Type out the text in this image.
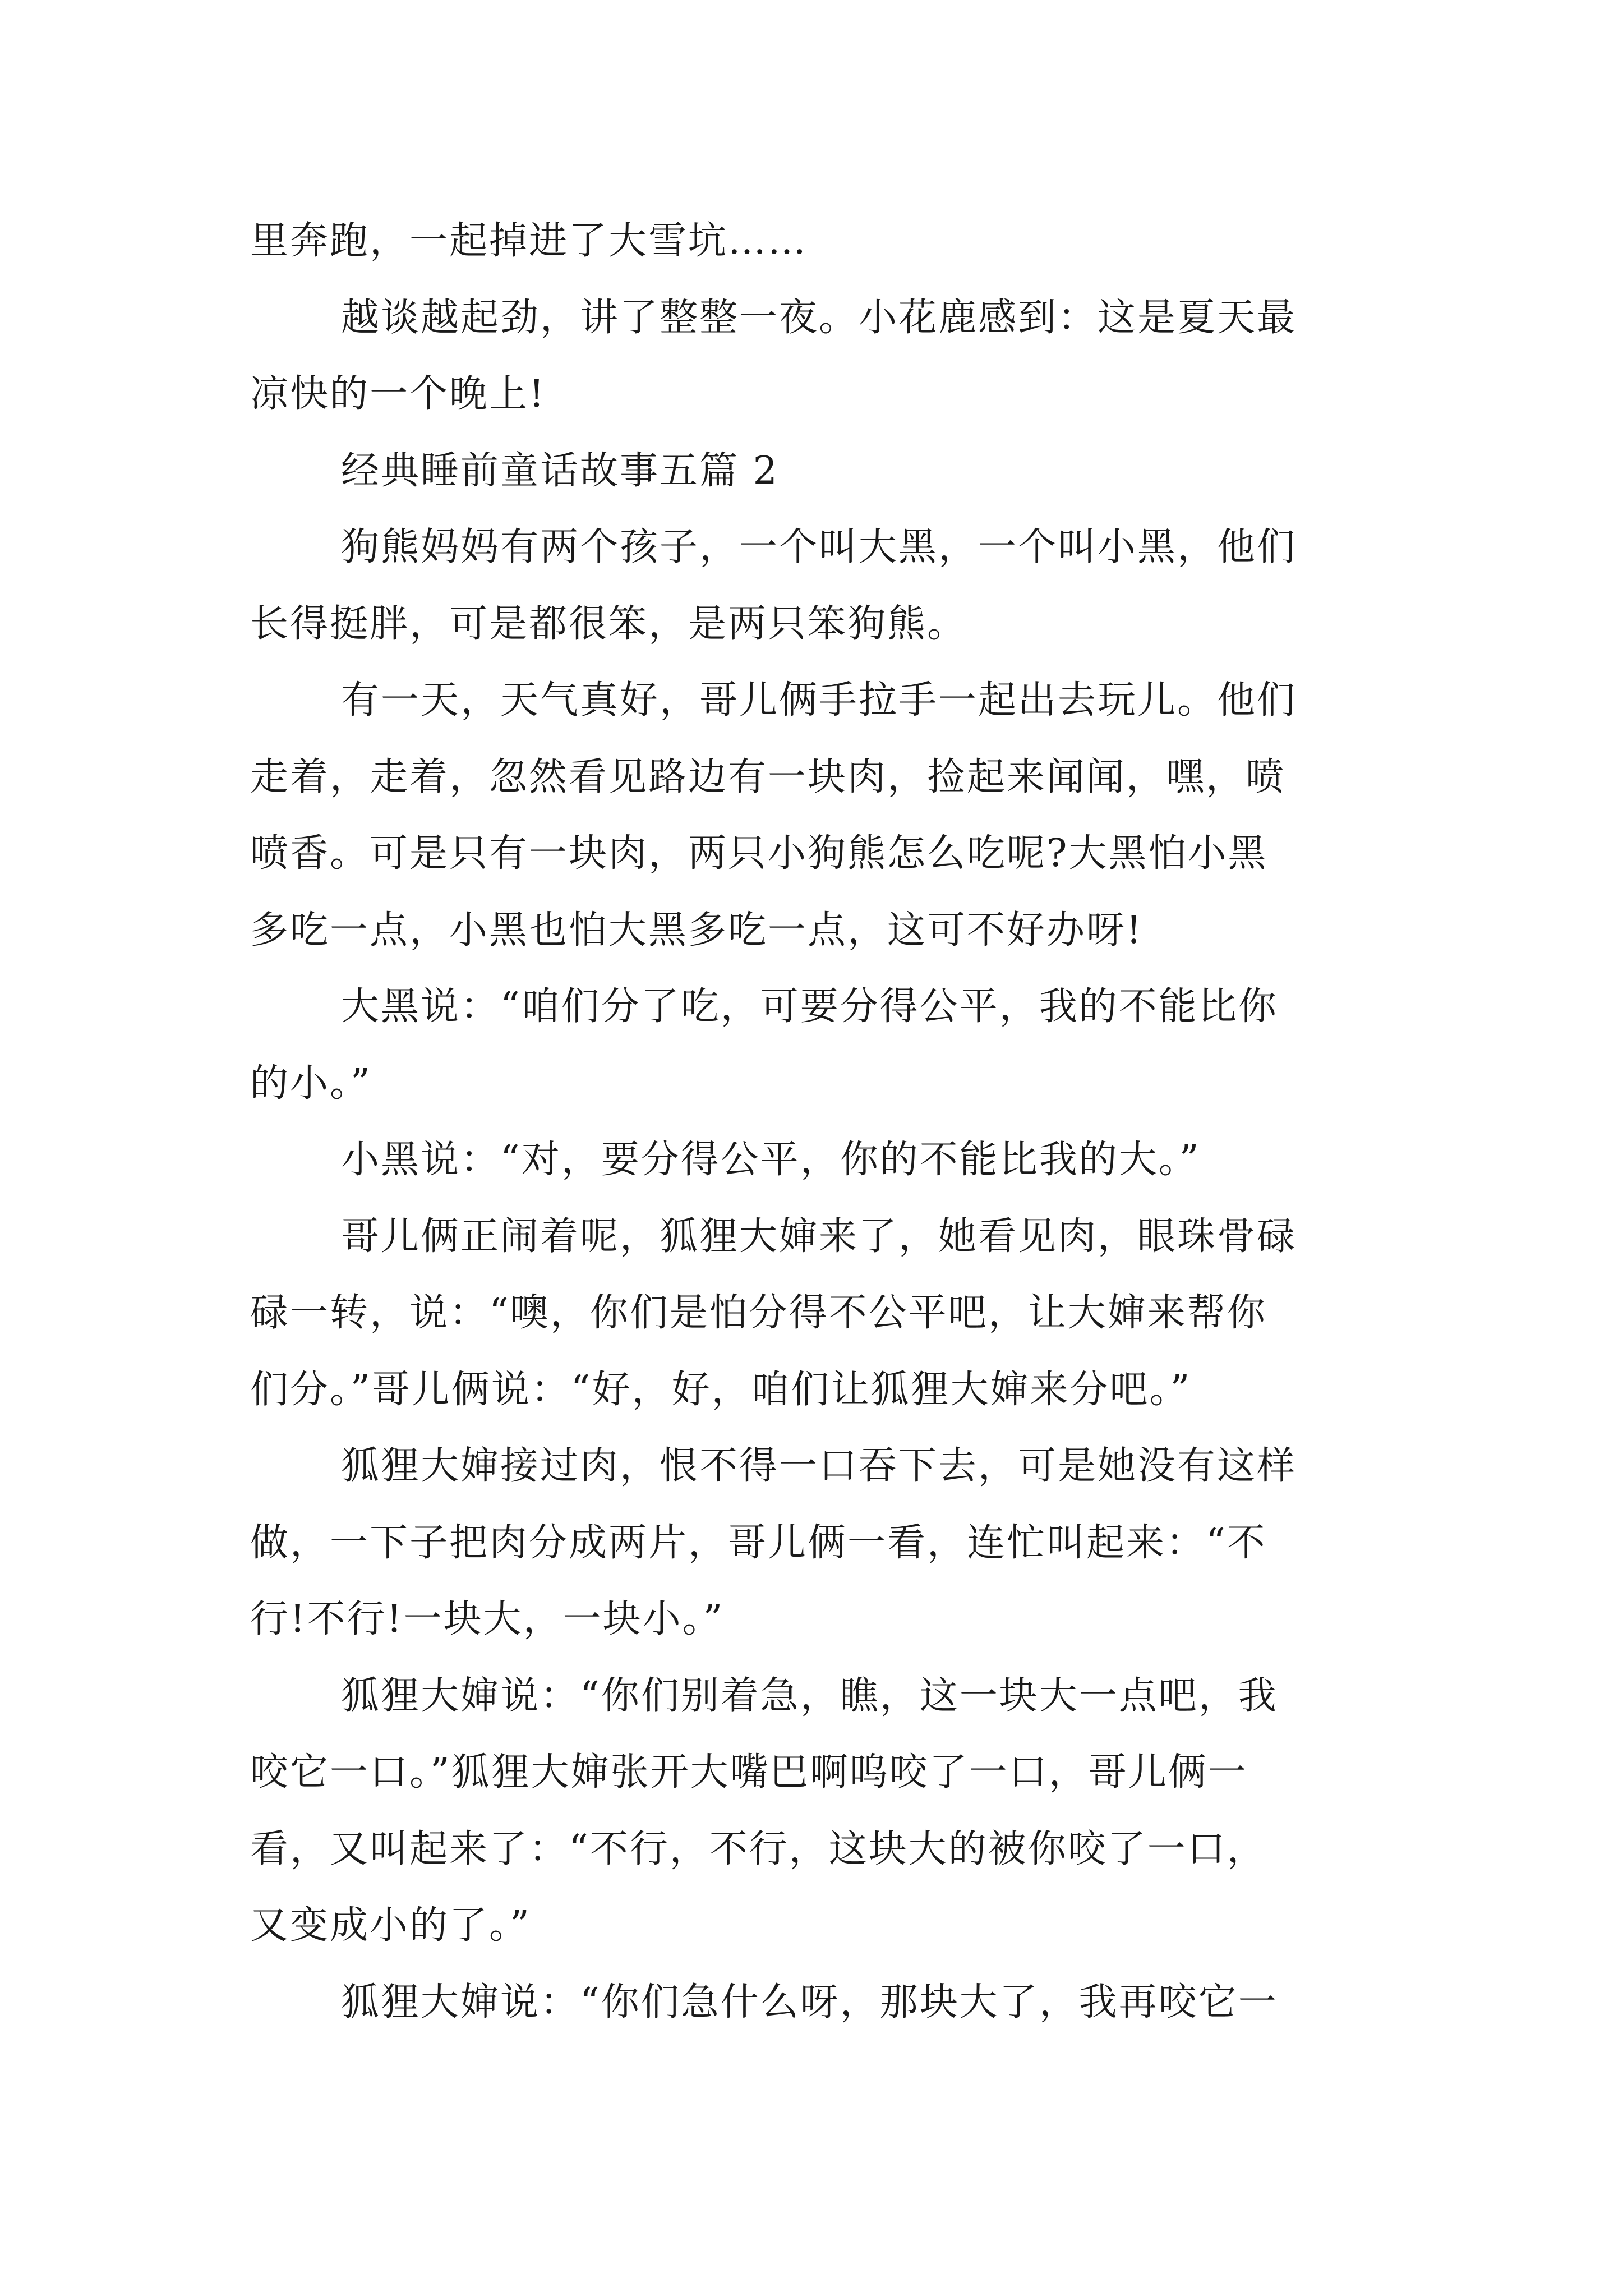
里奔跑，一起掉进了大雪坑……
越谈越起劲，讲了整整一夜。小花鹿感到：这是夏天最
凉快的一个晚上!
经典睡前童话故事五篇 2
狗熊妈妈有两个孩子，一个叫大黑，一个叫小黑，他们
长得挺胖，可是都很笨，是两只笨狗熊。
有一天，天气真好，哥儿俩手拉手一起出去玩儿。他们
走着，走着，忽然看见路边有一块肉，捡起来闻闻，嘿，喷
喷香。可是只有一块肉，两只小狗熊怎么吃呢?大黑怕小黑
多吃一点，小黑也怕大黑多吃一点，这可不好办呀!
大黑说：“咱们分了吃，可要分得公平，我的不能比你
的小。”
小黑说：“对，要分得公平，你的不能比我的大。”
哥儿俩正闹着呢，狐狸大婶来了，她看见肉，眼珠骨碌
碌一转，说：“噢，你们是怕分得不公平吧，让大婶来帮你
们分。”哥儿俩说：“好，好，咱们让狐狸大婶来分吧。”
狐狸大婶接过肉，恨不得一口吞下去，可是她没有这样
做，一下子把肉分成两片，哥儿俩一看，连忙叫起来：“不
行!不行!一块大，一块小。”
狐狸大婶说：“你们别着急，瞧，这一块大一点吧，我
咬它一口。”狐狸大婶张开大嘴巴啊呜咬了一口，哥儿俩一
看，又叫起来了：“不行，不行，这块大的被你咬了一口，
又变成小的了。”
狐狸大婶说：“你们急什么呀，那块大了，我再咬它一
